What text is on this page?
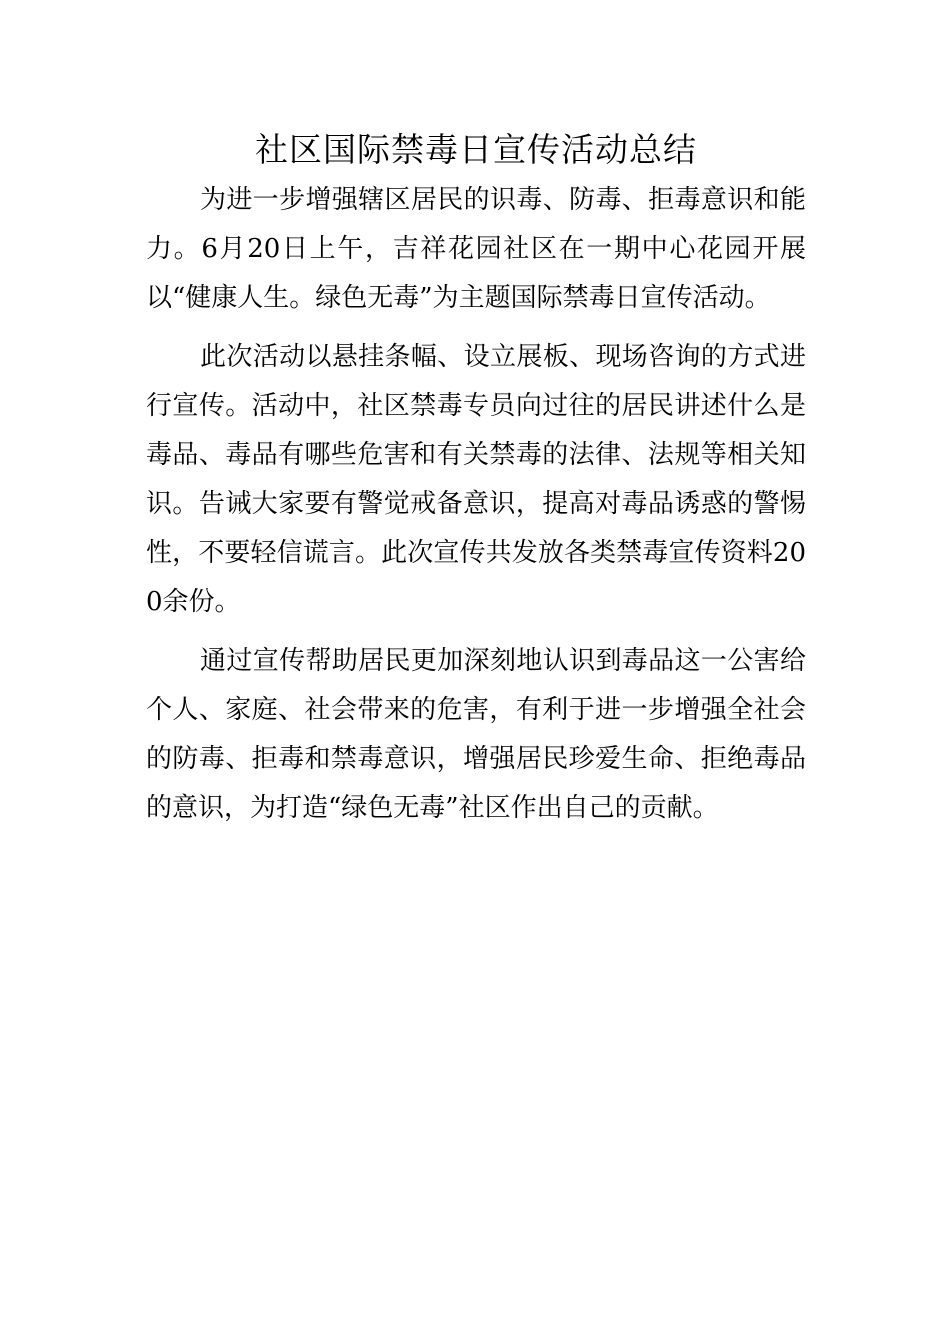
社区国际禁毒日宣传活动总结

为进一步增强辖区居民的识毒、防毒、拒毒意识和能力。6月20日上午，吉祥花园社区在一期中心花园开展以“健康人生。绿色无毒”为主题国际禁毒日宣传活动。

此次活动以悬挂条幅、设立展板、现场咨询的方式进行宣传。活动中，社区禁毒专员向过往的居民讲述什么是毒品、毒品有哪些危害和有关禁毒的法律、法规等相关知识。告诫大家要有警觉戒备意识，提高对毒品诱惑的警惕性，不要轻信谎言。此次宣传共发放各类禁毒宣传资料200余份。

通过宣传帮助居民更加深刻地认识到毒品这一公害给个人、家庭、社会带来的危害，有利于进一步增强全社会的防毒、拒毒和禁毒意识，增强居民珍爱生命、拒绝毒品的意识，为打造“绿色无毒”社区作出自己的贡献。
